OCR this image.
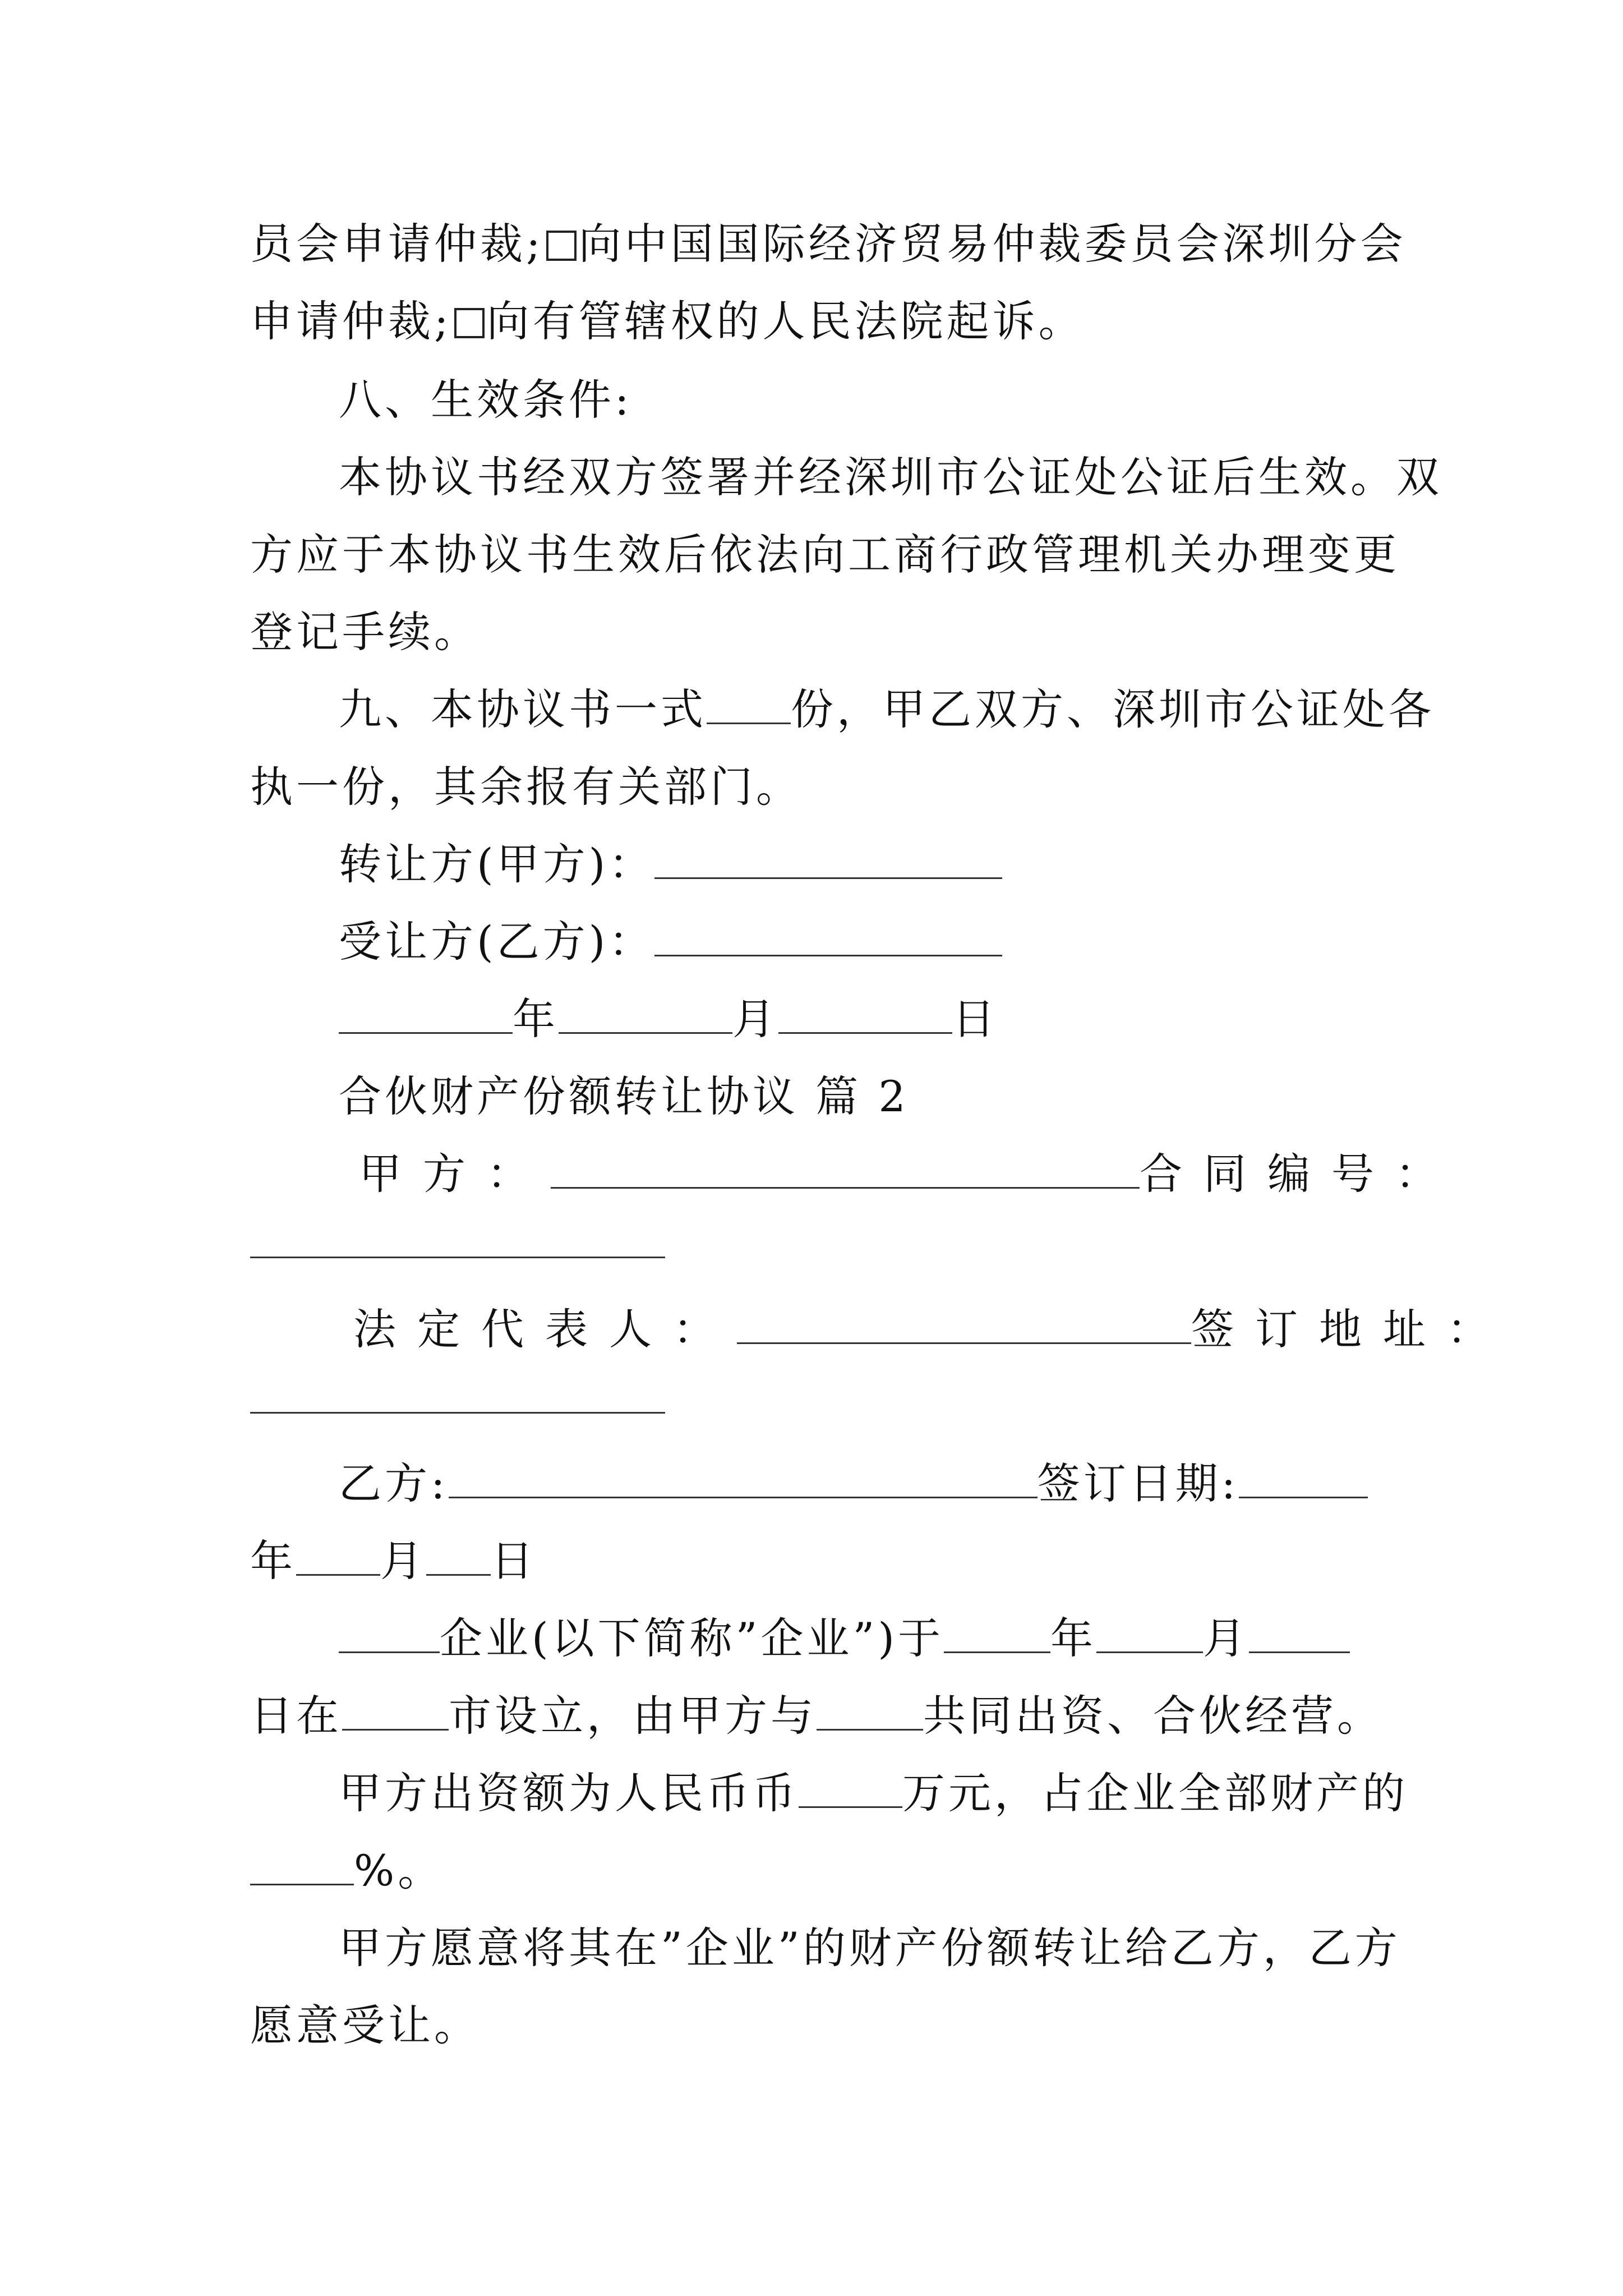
员会申请仲裁; 向中国国际经济贸易仲裁委员会深圳分会
申请仲裁; 向有管辖权的人民法院起诉。
八、生效条件:
本协议书经双方签署并经深圳市公证处公证后生效。双
方应于本协议书生效后依法向工商行政管理机关办理变更
登记手续。
九、本协议书一式 份，甲乙双方、深圳市公证处各
执一份，其余报有关部门。
转让方(甲方)：
受让方(乙方)：
年	月	日
合伙财产份额转让协议 篇 2
甲方：	合同编号：
法定代表人：	签订地址：
乙方:	签订日期:
年 月 日
企业(以下简称”企业”)于	年	月
日在	市设立，由甲方与	共同出资、合伙经营。
甲方出资额为人民币币 万元，占企业全部财产的
%。
甲方愿意将其在”企业”的财产份额转让给乙方，乙方
愿意受让。
